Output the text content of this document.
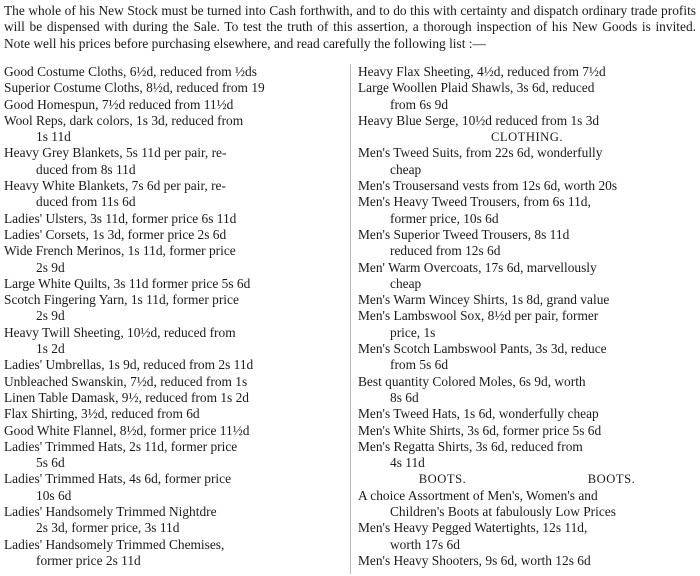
The whole of his New Stock must be turned into Cash forthwith, and to do this with certainty and dispatch ordinary trade profits will be dispensed with during the Sale. To test the truth of this assertion, a thorough inspection of his New Goods is invited. Note well his prices before purchasing elsewhere, and read carefully the following list :—

Good Costume Cloths, 6½d, reduced from ½ds

Superior Costume Cloths, 8½d, reduced from 19

Good Homespun, 7½d reduced from 11½d

Wool Reps, dark colors, 1s 3d, reduced from
1s 11d

Heavy Grey Blankets, 5s 11d per pair, re-
duced from 8s 11d

Heavy White Blankets, 7s 6d per pair, re-
duced from 11s 6d

Ladies' Ulsters, 3s 11d, former price 6s 11d

Ladies' Corsets, 1s 3d, former price 2s 6d

Wide French Merinos, 1s 11d, former price
2s 9d

Large White Quilts, 3s 11d former price 5s 6d

Scotch Fingering Yarn, 1s 11d, former price
2s 9d

Heavy Twill Sheeting, 10½d, reduced from
1s 2d

Ladies' Umbrellas, 1s 9d, reduced from 2s 11d

Unbleached Swanskin, 7½d, reduced from 1s

Linen Table Damask, 9½, reduced from 1s 2d

Flax Shirting, 3½d, reduced from 6d

Good White Flannel, 8½d, former price 11½d

Ladies' Trimmed Hats, 2s 11d, former price
5s 6d

Ladies' Trimmed Hats, 4s 6d, former price
10s 6d

Ladies' Handsomely Trimmed Nightdre
2s 3d, former price, 3s 11d

Ladies' Handsomely Trimmed Chemises,
former price 2s 11d

Heavy Flax Sheeting, 4½d, reduced from 7½d

Large Woollen Plaid Shawls, 3s 6d, reduced
from 6s 9d

Heavy Blue Serge, 10½d reduced from 1s 3d

CLOTHING.

Men's Tweed Suits, from 22s 6d, wonderfully
cheap

Men's Trousersand vests from 12s 6d, worth 20s

Men's Heavy Tweed Trousers, from 6s 11d,
former price, 10s 6d

Men's Superior Tweed Trousers, 8s 11d
reduced from 12s 6d

Men' Warm Overcoats, 17s 6d, marvellously
cheap

Men's Warm Wincey Shirts, 1s 8d, grand value

Men's Lambswool Sox, 8½d per pair, former
price, 1s

Men's Scotch Lambswool Pants, 3s 3d, reduce
from 5s 6d

Best quantity Colored Moles, 6s 9d, worth
8s 6d

Men's Tweed Hats, 1s 6d, wonderfully cheap

Men's White Shirts, 3s 6d, former price 5s 6d

Men's Regatta Shirts, 3s 6d, reduced from
4s 11d

BOOTS.	BOOTS.

A choice Assortment of Men's, Women's and
Children's Boots at fabulously Low Prices

Men's Heavy Pegged Watertights, 12s 11d,
worth 17s 6d

Men's Heavy Shooters, 9s 6d, worth 12s 6d
